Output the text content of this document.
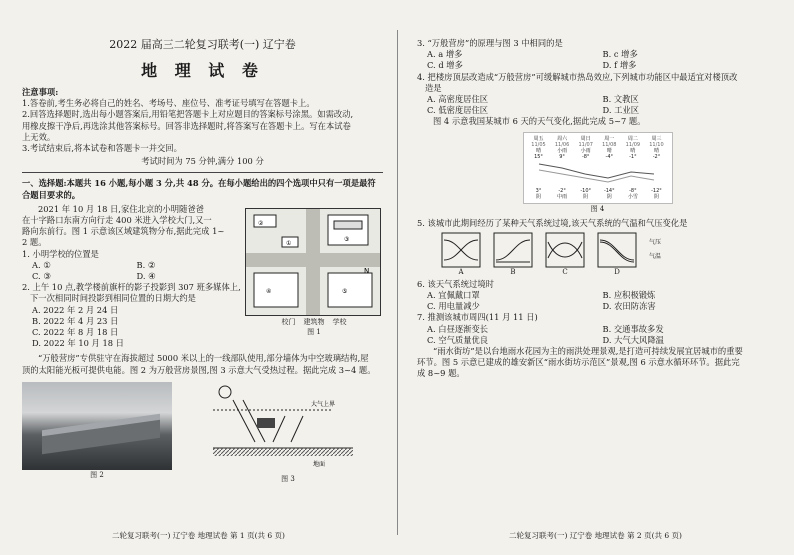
2022 届高三二轮复习联考(一) 辽宁卷
地 理 试 卷
注意事项:
1.答卷前,考生务必将自己的姓名、考场号、座位号、准考证号填写在答题卡上。
2.回答选择题时,选出每小题答案后,用铅笔把答题卡上对应题目的答案标号涂黑。如需改动,
用橡皮擦干净后,再选涂其他答案标号。回答非选择题时,将答案写在答题卡上。写在本试卷
上无效。
3.考试结束后,将本试卷和答题卡一并交回。
考试时间为 75 分钟,满分 100 分
一、选择题:本题共 16 小题,每小题 3 分,共 48 分。在每小题给出的四个选项中只有一项是最符合题目要求的。
2021 年 10 月 18 日,家住北京的小明随爸爸
在十字路口东南方向行走 400 米进入学校大门,又一
路向东前行。图 1 示意该区域建筑物分布,据此完成 1~
2 题。
1. 小明学校的位置是
A. ①	B. ②
C. ③	D. ④
2. 上午 10 点,教学楼前旗杆的影子投影到 307 班多媒体上,
下一次相同时间投影到相同位置的日期大约是
A. 2022 年 2 月 24 日
B. 2022 年 4 月 23 日
C. 2022 年 8 月 18 日
D. 2022 年 10 月 18 日
②
①
③
④	⑤
N
校门 建筑物 学校
图 1
“万般营房”专供驻守在海拔超过 5000 米以上的一线部队使用,部分墙体为中空玻璃结构,屋
顶的太阳能光板可提供电能。图 2 为万般营房景图,图 3 示意大气受热过程。据此完成 3~4 题。
图 2
大气上界
地面
图 3
二轮复习联考(一) 辽宁卷 地理试卷 第 1 页(共 6 页)
3. “万般营房”的原理与图 3 中相同的是
A. a 增多	B. c 增多
C. d 增多	D. f 增多
4. 把楼房顶层改造成“万般营房”可缓解城市热岛效应,下列城市功能区中最适宜对楼顶改
造是
A. 高密度居住区	B. 文教区
C. 低密度居住区	D. 工业区
图 4 示意我国某城市 6 天的天气变化,据此完成 5~7 题。
周五	周六	周日	周一	周二	周三
11/05	11/06	11/07	11/08	11/09	11/10
晴	小雨	小雨	晴	晴	晴
15°	9°	-8°	-4°	-1°	-2°
3°	-2°	-10°	-14°	-8°	-12°
阴	中雨	阴	阴	小雪	阴
图 4
5. 该城市此期间经历了某种天气系统过境,该天气系统的气温和气压变化是
气压
气温
A	B	C	D
6. 该天气系统过境时
A. 宜佩戴口罩	B. 应积极锻炼
C. 用电量减少	D. 农田防冻害
7. 推测该城市周四(11 月 11 日)
A. 白昼逐渐变长	B. 交通事故多发
C. 空气质量优良	D. 大气大风降温
“雨水街坊”是以台地雨水花园为主的雨洪处理景观,是打造可持续发展宜居城市的重要
环节。图 5 示意已建成的雄安新区“雨水街坊示范区”景观,图 6 示意水循环环节。据此完
成 8~9 题。
二轮复习联考(一) 辽宁卷 地理试卷 第 2 页(共 6 页)
